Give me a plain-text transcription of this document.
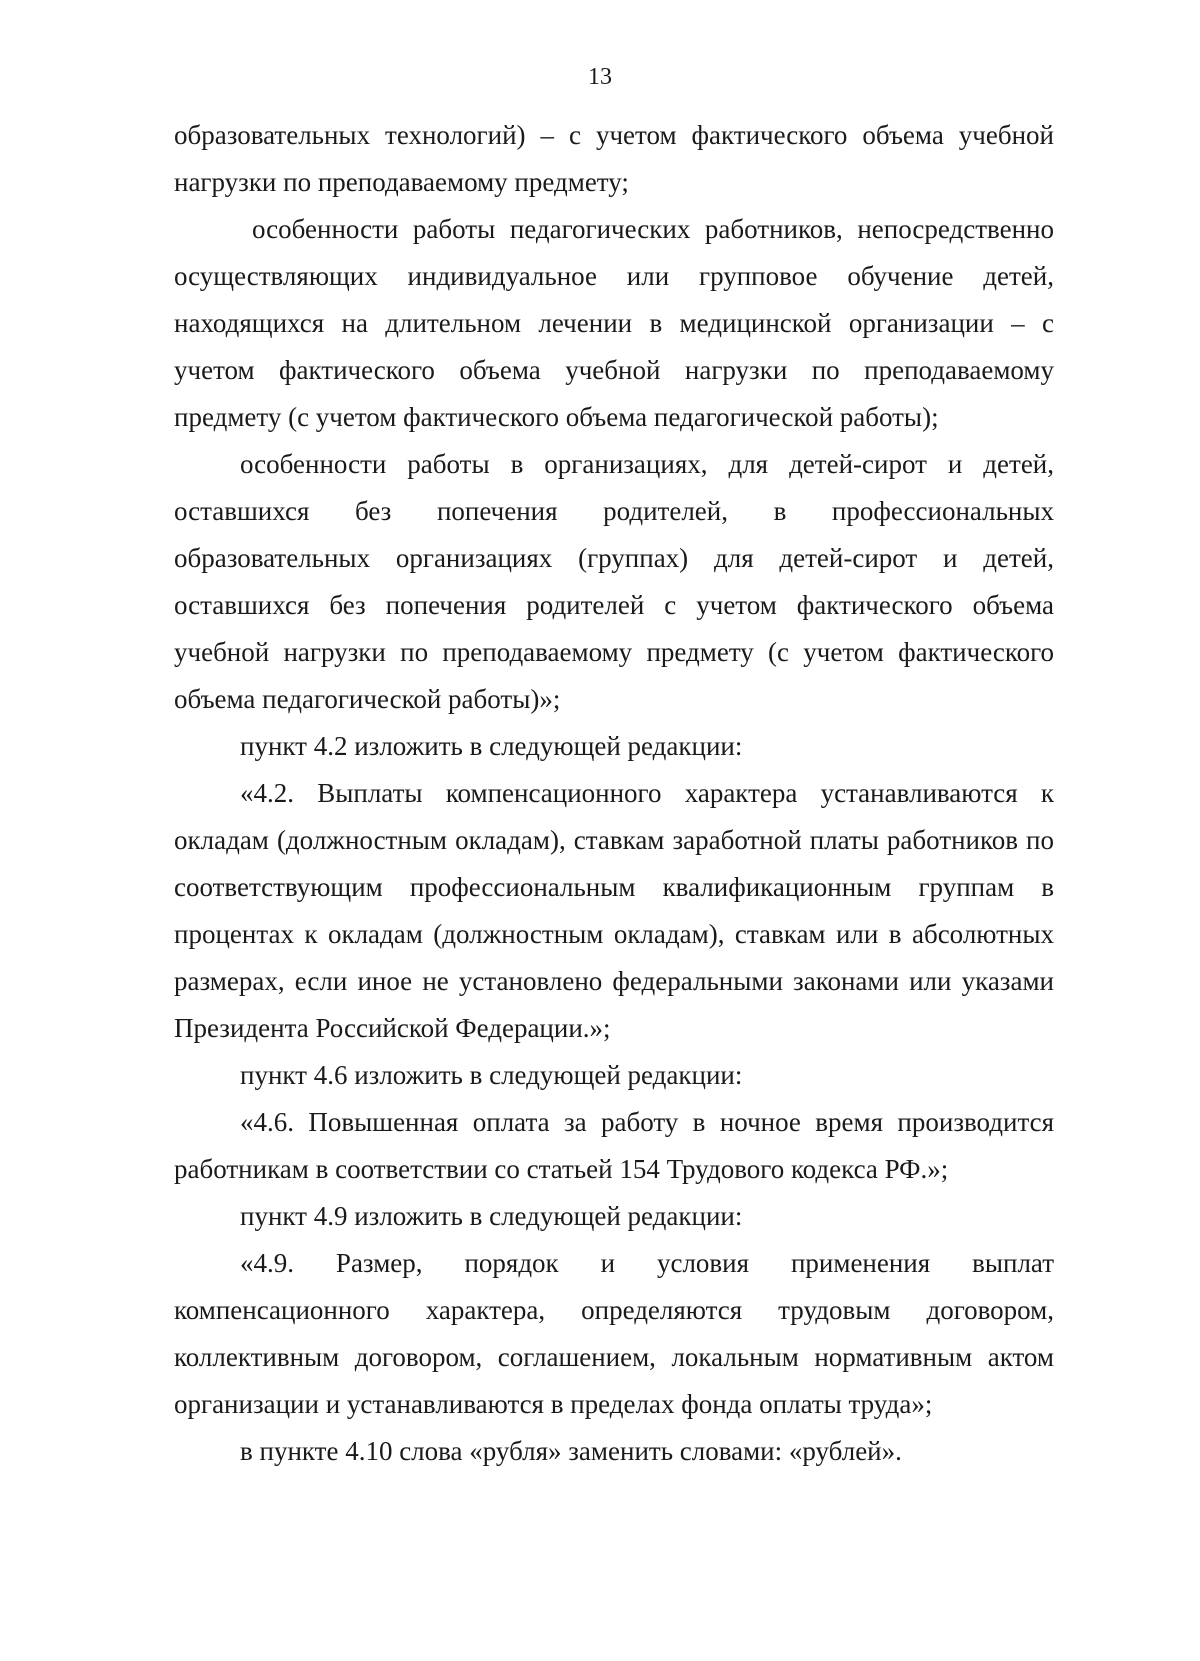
13

образовательных технологий) – с учетом фактического объема учебной нагрузки по преподаваемому предмету;

особенности работы педагогических работников, непосредственно осуществляющих индивидуальное или групповое обучение детей, находящихся на длительном лечении в медицинской организации – с учетом фактического объема учебной нагрузки по преподаваемому предмету (с учетом фактического объема педагогической работы);

особенности работы в организациях, для детей-сирот и детей, оставшихся без попечения родителей, в профессиональных образовательных организациях (группах) для детей-сирот и детей, оставшихся без попечения родителей с учетом фактического объема учебной нагрузки по преподаваемому предмету (с учетом фактического объема педагогической работы)»;

пункт 4.2 изложить в следующей редакции:

«4.2. Выплаты компенсационного характера устанавливаются к окладам (должностным окладам), ставкам заработной платы работников по соответствующим профессиональным квалификационным группам в процентах к окладам (должностным окладам), ставкам или в абсолютных размерах, если иное не установлено федеральными законами или указами Президента Российской Федерации.»;

пункт 4.6 изложить в следующей редакции:

«4.6. Повышенная оплата за работу в ночное время производится работникам в соответствии со статьей 154 Трудового кодекса РФ.»;

пункт 4.9 изложить в следующей редакции:

«4.9. Размер, порядок и условия применения выплат компенсационного характера, определяются трудовым договором, коллективным договором, соглашением, локальным нормативным актом организации и устанавливаются в пределах фонда оплаты труда»;

в пункте 4.10 слова «рубля» заменить словами: «рублей».
